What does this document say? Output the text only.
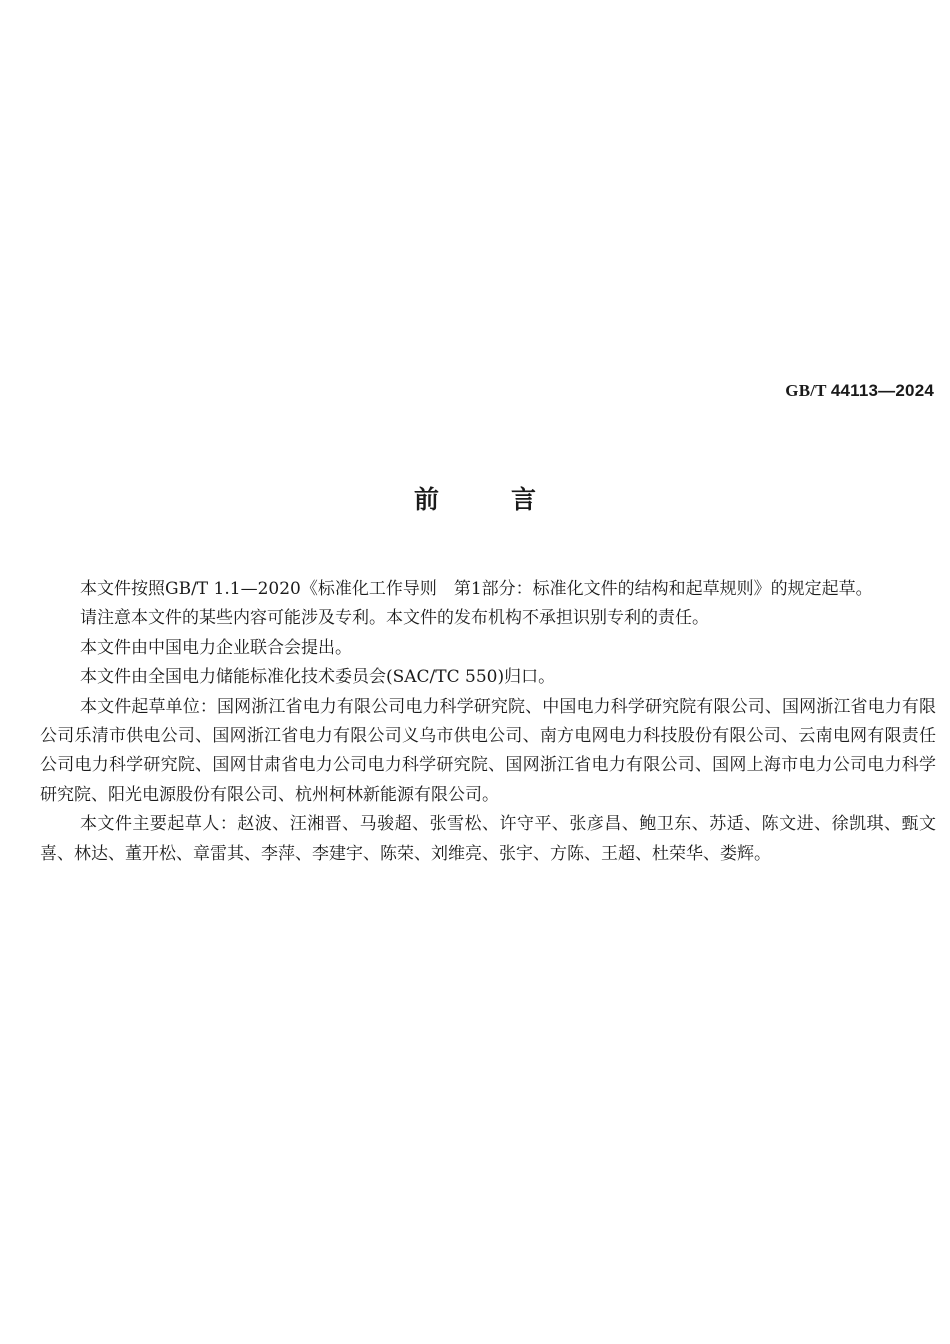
GB/T 44113—2024
前言

本文件按照GB/T 1.1—2020《标准化工作导则　第1部分：标准化文件的结构和起草规则》的规定起草。

请注意本文件的某些内容可能涉及专利。本文件的发布机构不承担识别专利的责任。

本文件由中国电力企业联合会提出。

本文件由全国电力储能标准化技术委员会(SAC/TC 550)归口。

本文件起草单位：国网浙江省电力有限公司电力科学研究院、中国电力科学研究院有限公司、国网浙江省电力有限公司乐清市供电公司、国网浙江省电力有限公司义乌市供电公司、南方电网电力科技股份有限公司、云南电网有限责任公司电力科学研究院、国网甘肃省电力公司电力科学研究院、国网浙江省电力有限公司、国网上海市电力公司电力科学研究院、阳光电源股份有限公司、杭州柯林新能源有限公司。

本文件主要起草人：赵波、汪湘晋、马骏超、张雪松、许守平、张彦昌、鲍卫东、苏适、陈文进、徐凯琪、甄文喜、林达、董开松、章雷其、李萍、李建宇、陈荣、刘维亮、张宇、方陈、王超、杜荣华、娄辉。
